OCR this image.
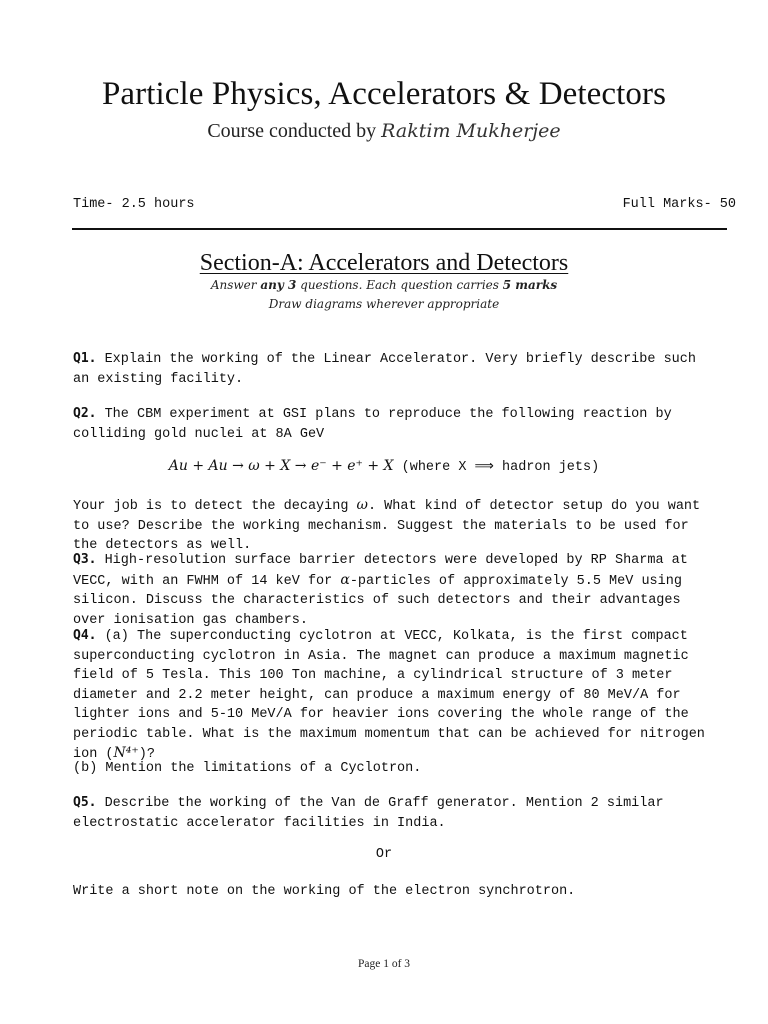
Particle Physics, Accelerators & Detectors
Course conducted by Raktim Mukherjee
Time- 2.5 hours	Full Marks- 50
Section-A: Accelerators and Detectors
Answer any 3 questions. Each question carries 5 marks
Draw diagrams wherever appropriate
Q1. Explain the working of the Linear Accelerator. Very briefly describe such an existing facility.
Q2. The CBM experiment at GSI plans to reproduce the following reaction by colliding gold nuclei at 8A GeV
Au + Au → ω + X → e⁻ + e⁺ + X (where X ⟹ hadron jets)
Your job is to detect the decaying ω. What kind of detector setup do you want to use? Describe the working mechanism. Suggest the materials to be used for the detectors as well.
Q3. High-resolution surface barrier detectors were developed by RP Sharma at VECC, with an FWHM of 14 keV for α-particles of approximately 5.5 MeV using silicon. Discuss the characteristics of such detectors and their advantages over ionisation gas chambers.
Q4. (a) The superconducting cyclotron at VECC, Kolkata, is the first compact superconducting cyclotron in Asia. The magnet can produce a maximum magnetic field of 5 Tesla. This 100 Ton machine, a cylindrical structure of 3 meter diameter and 2.2 meter height, can produce a maximum energy of 80 MeV/A for lighter ions and 5-10 MeV/A for heavier ions covering the whole range of the periodic table. What is the maximum momentum that can be achieved for nitrogen ion (N⁴⁺)?
(b) Mention the limitations of a Cyclotron.
Q5. Describe the working of the Van de Graff generator. Mention 2 similar electrostatic accelerator facilities in India.
Or
Write a short note on the working of the electron synchrotron.
Page 1 of 3
